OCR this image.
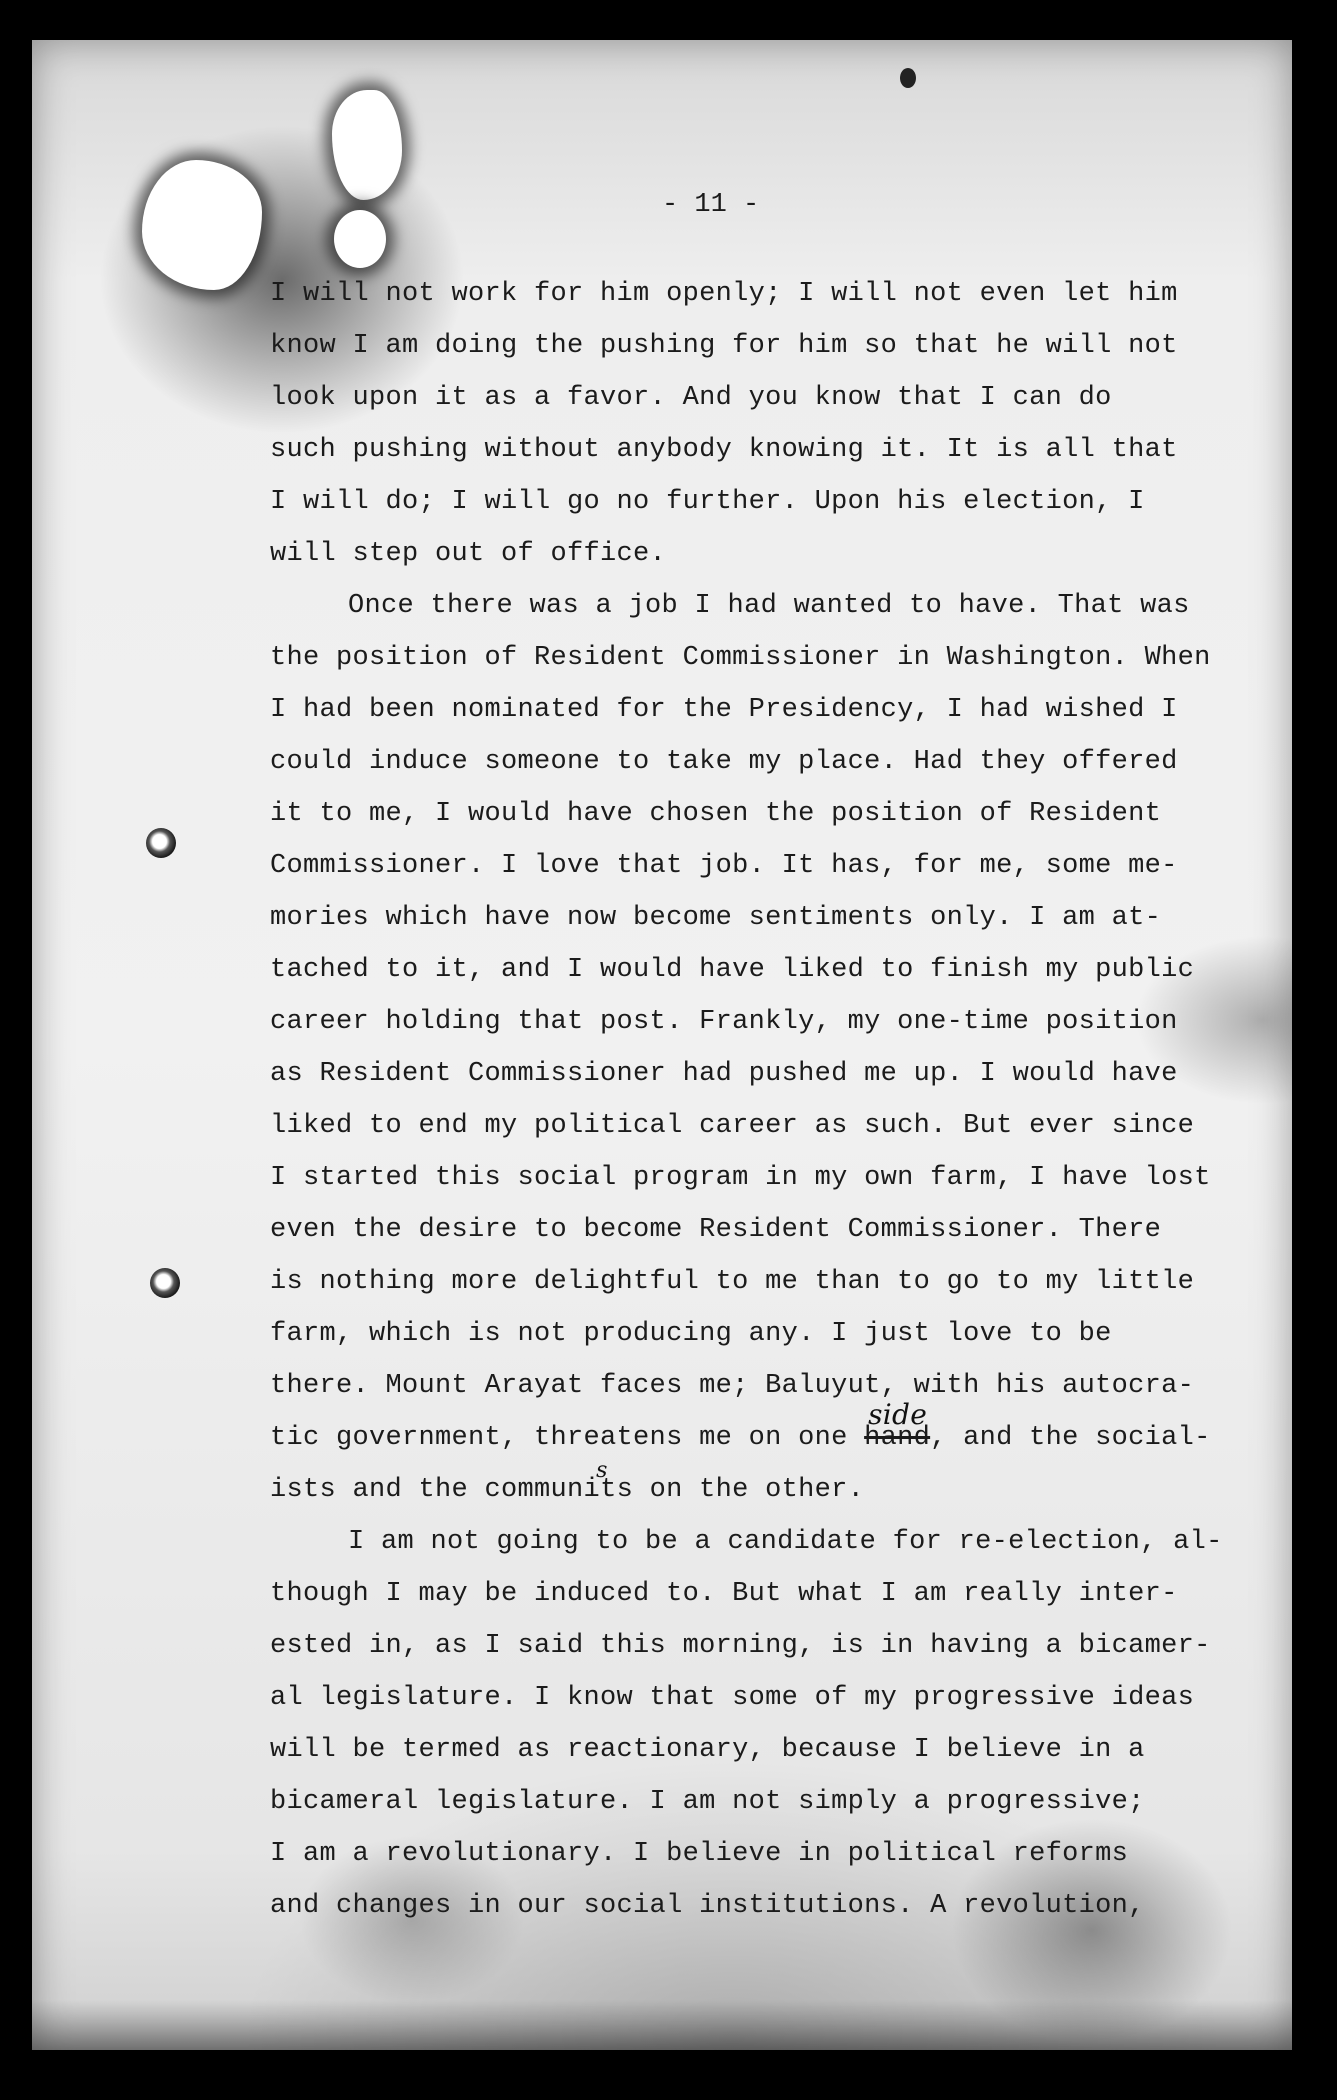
- 11 -
I will not work for him openly; I will not even let him
know I am doing the pushing for him so that he will not
look upon it as a favor. And you know that I can do
such pushing without anybody knowing it. It is all that
I will do; I will go no further. Upon his election, I
will step out of office.
Once there was a job I had wanted to have. That was
the position of Resident Commissioner in Washington. When
I had been nominated for the Presidency, I had wished I
could induce someone to take my place. Had they offered
it to me, I would have chosen the position of Resident
Commissioner. I love that job. It has, for me, some me-
mories which have now become sentiments only. I am at-
tached to it, and I would have liked to finish my public
career holding that post. Frankly, my one-time position
as Resident Commissioner had pushed me up. I would have
liked to end my political career as such. But ever since
I started this social program in my own farm, I have lost
even the desire to become Resident Commissioner. There
is nothing more delightful to me than to go to my little
farm, which is not producing any. I just love to be
there. Mount Arayat faces me; Baluyut, with his autocra-
tic government, threatens me on one hand
side
, and the social-
ists and the communi
s
ts on the other.
I am not going to be a candidate for re-election, al-
though I may be induced to. But what I am really inter-
ested in, as I said this morning, is in having a bicamer-
al legislature. I know that some of my progressive ideas
will be termed as reactionary, because I believe in a
bicameral legislature. I am not simply a progressive;
I am a revolutionary. I believe in political reforms
and changes in our social institutions. A revolution,
